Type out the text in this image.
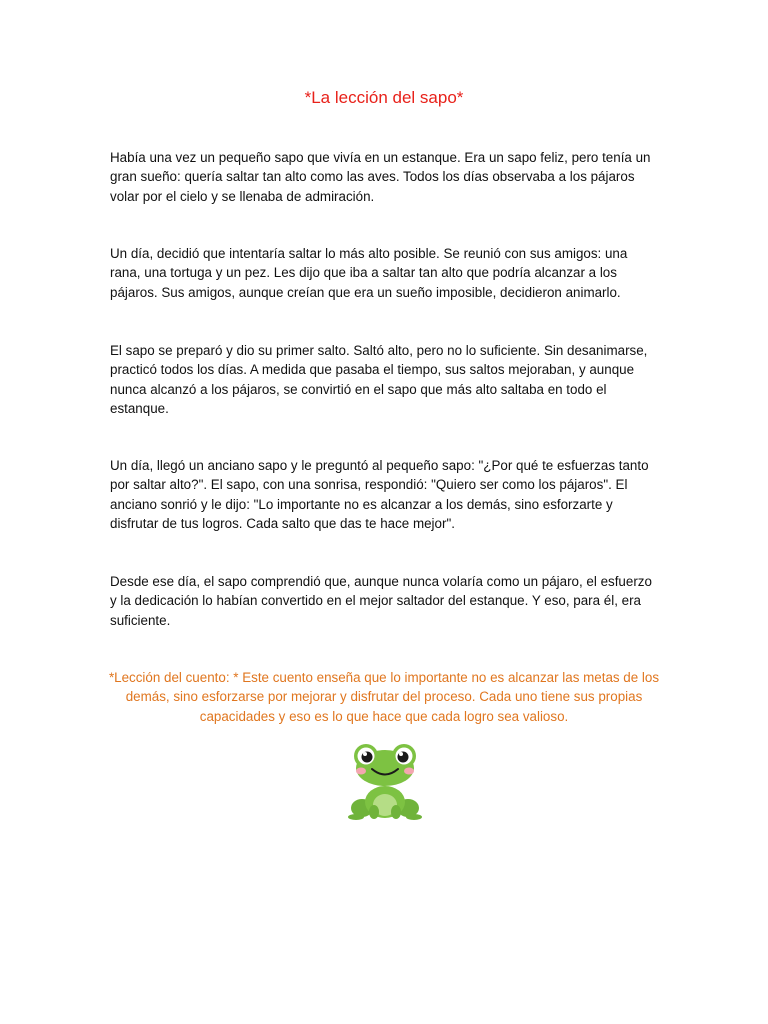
*La lección del sapo*

Había una vez un pequeño sapo que vivía en un estanque. Era un sapo feliz, pero tenía un gran sueño: quería saltar tan alto como las aves. Todos los días observaba a los pájaros volar por el cielo y se llenaba de admiración.

Un día, decidió que intentaría saltar lo más alto posible. Se reunió con sus amigos: una rana, una tortuga y un pez. Les dijo que iba a saltar tan alto que podría alcanzar a los pájaros. Sus amigos, aunque creían que era un sueño imposible, decidieron animarlo.

El sapo se preparó y dio su primer salto. Saltó alto, pero no lo suficiente. Sin desanimarse, practicó todos los días. A medida que pasaba el tiempo, sus saltos mejoraban, y aunque nunca alcanzó a los pájaros, se convirtió en el sapo que más alto saltaba en todo el estanque.

Un día, llegó un anciano sapo y le preguntó al pequeño sapo: "¿Por qué te esfuerzas tanto por saltar alto?". El sapo, con una sonrisa, respondió: "Quiero ser como los pájaros". El anciano sonrió y le dijo: "Lo importante no es alcanzar a los demás, sino esforzarte y disfrutar de tus logros. Cada salto que das te hace mejor".

Desde ese día, el sapo comprendió que, aunque nunca volaría como un pájaro, el esfuerzo y la dedicación lo habían convertido en el mejor saltador del estanque. Y eso, para él, era suficiente.

*Lección del cuento: * Este cuento enseña que lo importante no es alcanzar las metas de los demás, sino esforzarse por mejorar y disfrutar del proceso. Cada uno tiene sus propias capacidades y eso es lo que hace que cada logro sea valioso.
